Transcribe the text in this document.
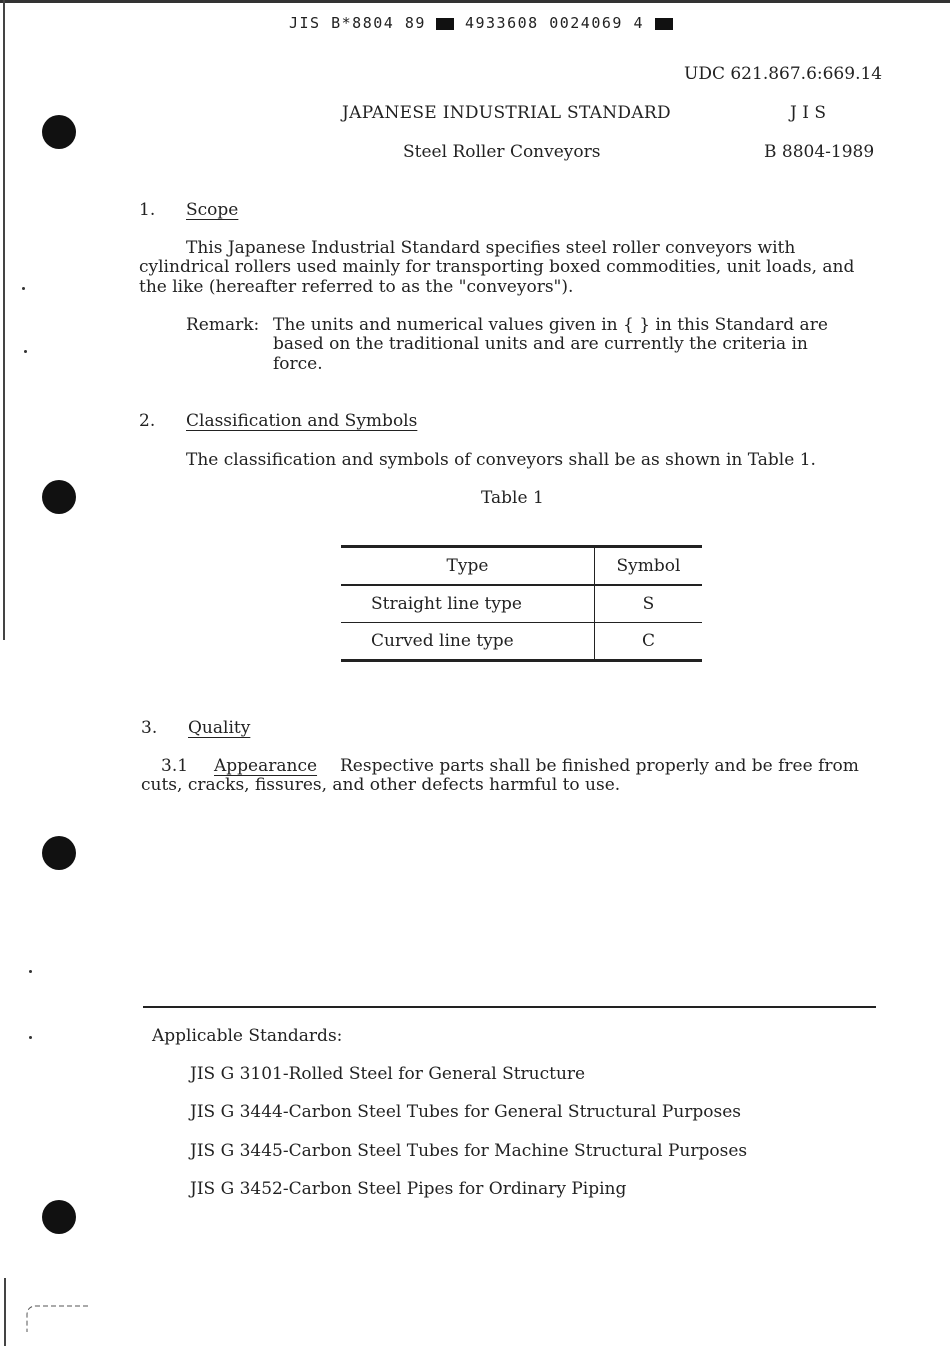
JIS B*8804 89	4933608 0024069 4
UDC 621.867.6:669.14
JAPANESE INDUSTRIAL STANDARD	J I S
Steel Roller Conveyors	B 8804-1989
1. Scope
This Japanese Industrial Standard specifies steel roller conveyors with
cylindrical rollers used mainly for transporting boxed commodities, unit loads, and
the like (hereafter referred to as the "conveyors").
Remark: The units and numerical values given in { } in this Standard are
based on the traditional units and are currently the criteria in
force.
2. Classification and Symbols
The classification and symbols of conveyors shall be as shown in Table 1.
Table 1
Type	Symbol
Straight line type	S
Curved line type	C
3. Quality
3.1 Appearance Respective parts shall be finished properly and be free from
cuts, cracks, fissures, and other defects harmful to use.
Applicable Standards:
JIS G 3101-Rolled Steel for General Structure
JIS G 3444-Carbon Steel Tubes for General Structural Purposes
JIS G 3445-Carbon Steel Tubes for Machine Structural Purposes
JIS G 3452-Carbon Steel Pipes for Ordinary Piping
